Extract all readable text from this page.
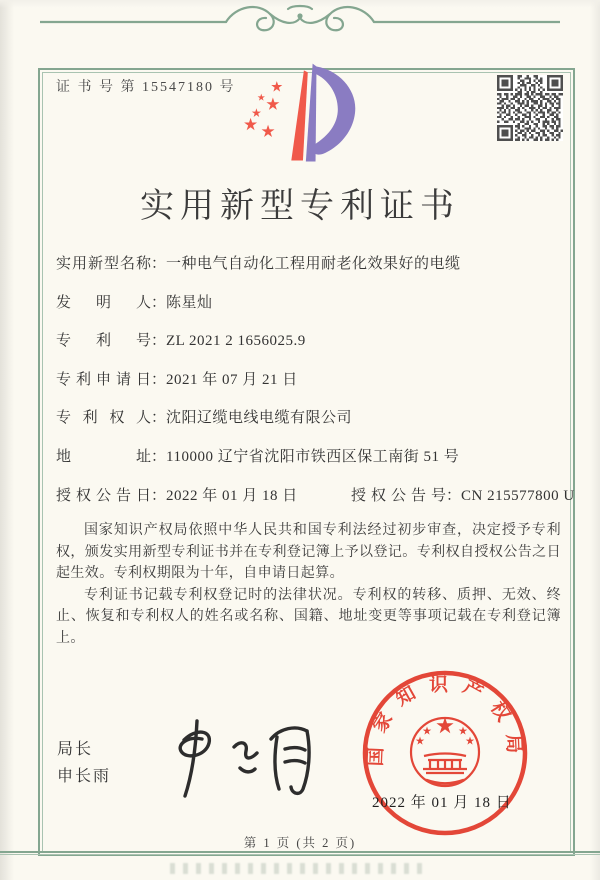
证 书 号 第 15547180 号
实用新型专利证书
实用新型名称：一种电气自动化工程用耐老化效果好的电缆
发明人：陈星灿
专利号：ZL 2021 2 1656025.9
专利申请日：2021 年 07 月 21 日
专利权人：沈阳辽缆电线电缆有限公司
地址：110000 辽宁省沈阳市铁西区保工南街 51 号
授权公告日：2022 年 01 月 18 日	授权公告号：CN 215577800 U

国家知识产权局依照中华人民共和国专利法经过初步审查，决定授予专利权，颁发实用新型专利证书并在专利登记簿上予以登记。专利权自授权公告之日起生效。专利权期限为十年，自申请日起算。

专利证书记载专利权登记时的法律状况。专利权的转移、质押、无效、终止、恢复和专利权人的姓名或名称、国籍、地址变更等事项记载在专利登记簿上。

局长
申长雨
国家知识产权局
2022 年 01 月 18 日
第 1 页 (共 2 页)
